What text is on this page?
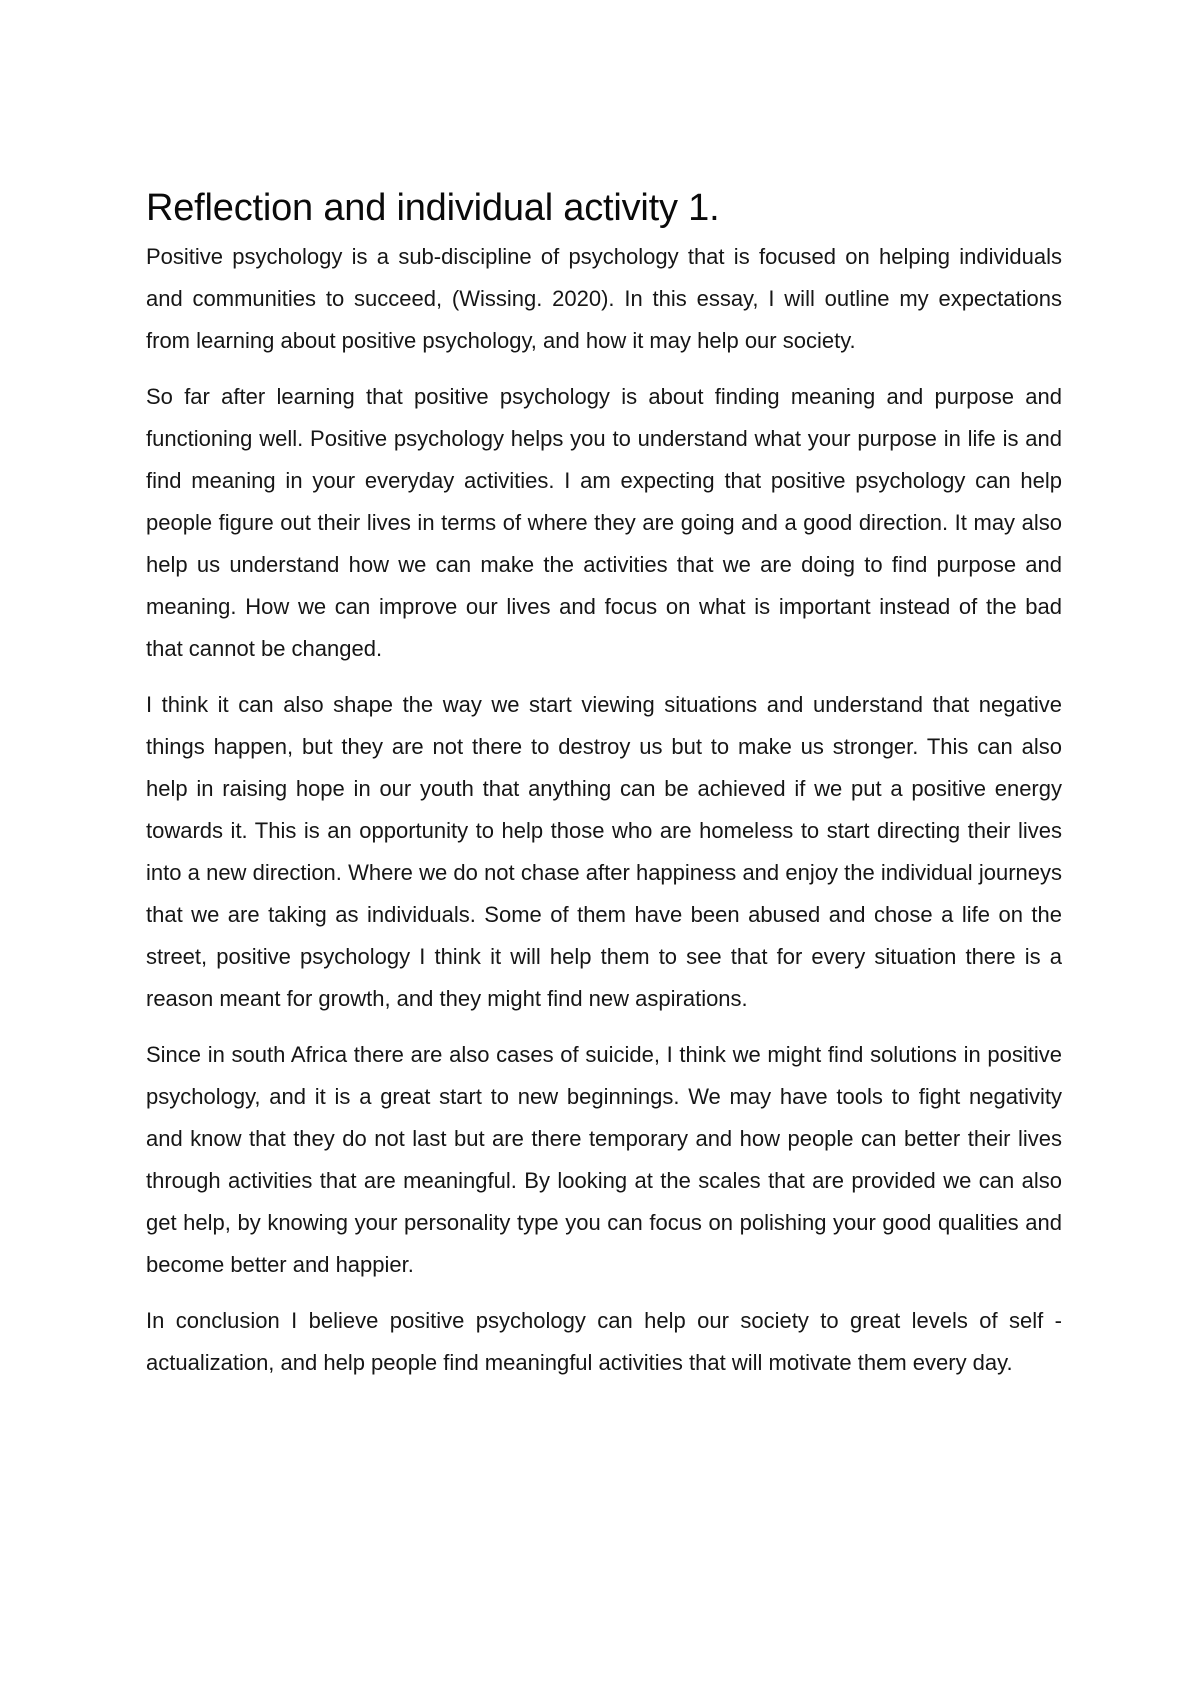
Reflection and individual activity 1.

Positive psychology is a sub-discipline of psychology that is focused on helping individuals and communities to succeed, (Wissing. 2020). In this essay, I will outline my expectations from learning about positive psychology, and how it may help our society.

So far after learning that positive psychology is about finding meaning and purpose and functioning well. Positive psychology helps you to understand what your purpose in life is and find meaning in your everyday activities. I am expecting that positive psychology can help people figure out their lives in terms of where they are going and a good direction. It may also help us understand how we can make the activities that we are doing to find purpose and meaning. How we can improve our lives and focus on what is important instead of the bad that cannot be changed.

I think it can also shape the way we start viewing situations and understand that negative things happen, but they are not there to destroy us but to make us stronger. This can also help in raising hope in our youth that anything can be achieved if we put a positive energy towards it. This is an opportunity to help those who are homeless to start directing their lives into a new direction. Where we do not chase after happiness and enjoy the individual journeys that we are taking as individuals. Some of them have been abused and chose a life on the street, positive psychology I think it will help them to see that for every situation there is a reason meant for growth, and they might find new aspirations.

Since in south Africa there are also cases of suicide, I think we might find solutions in positive psychology, and it is a great start to new beginnings. We may have tools to fight negativity and know that they do not last but are there temporary and how people can better their lives through activities that are meaningful. By looking at the scales that are provided we can also get help, by knowing your personality type you can focus on polishing your good qualities and become better and happier.

In conclusion I believe positive psychology can help our society to great levels of self -actualization, and help people find meaningful activities that will motivate them every day.
